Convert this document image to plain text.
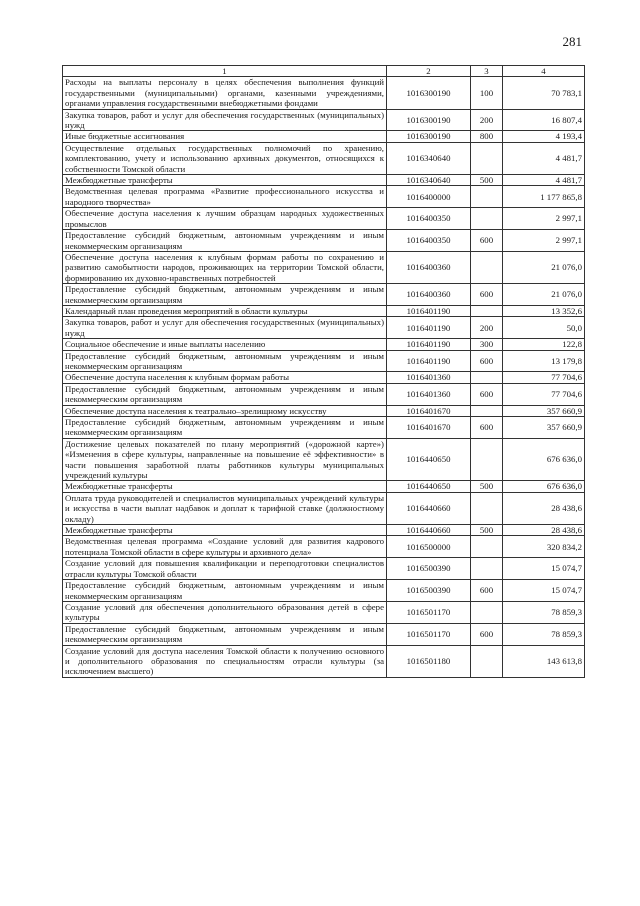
281
1	2	3	4
Расходы на выплаты персоналу в целях обеспечения выполнения функций государственными (муниципальными) органами, казенными учреждениями, органами управления государственными внебюджетными фондами	1016300190	100	70 783,1
Закупка товаров, работ и услуг для обеспечения государственных (муниципальных) нужд	1016300190	200	16 807,4
Иные бюджетные ассигнования	1016300190	800	4 193,4
Осуществление отдельных государственных полномочий по хранению, комплектованию, учету и использованию архивных документов, относящихся к собственности Томской области	1016340640		4 481,7
Межбюджетные трансферты	1016340640	500	4 481,7
Ведомственная целевая программа «Развитие профессионального искусства и народного творчества»	1016400000		1 177 865,8
Обеспечение доступа населения к лучшим образцам народных художественных промыслов	1016400350		2 997,1
Предоставление субсидий бюджетным, автономным учреждениям и иным некоммерческим организациям	1016400350	600	2 997,1
Обеспечение доступа населения к клубным формам работы по сохранению и развитию самобытности народов, проживающих на территории Томской области, формированию их духовно-нравственных потребностей	1016400360		21 076,0
Предоставление субсидий бюджетным, автономным учреждениям и иным некоммерческим организациям	1016400360	600	21 076,0
Календарный план проведения мероприятий в области культуры	1016401190		13 352,6
Закупка товаров, работ и услуг для обеспечения государственных (муниципальных) нужд	1016401190	200	50,0
Социальное обеспечение и иные выплаты населению	1016401190	300	122,8
Предоставление субсидий бюджетным, автономным учреждениям и иным некоммерческим организациям	1016401190	600	13 179,8
Обеспечение доступа населения к клубным формам работы	1016401360		77 704,6
Предоставление субсидий бюджетным, автономным учреждениям и иным некоммерческим организациям	1016401360	600	77 704,6
Обеспечение доступа населения к театрально–зрелищному искусству	1016401670		357 660,9
Предоставление субсидий бюджетным, автономным учреждениям и иным некоммерческим организациям	1016401670	600	357 660,9
Достижение целевых показателей по плану мероприятий («дорожной карте») «Изменения в сфере культуры, направленные на повышение её эффективности» в части повышения заработной платы работников культуры муниципальных учреждений культуры	1016440650		676 636,0
Межбюджетные трансферты	1016440650	500	676 636,0
Оплата труда руководителей и специалистов муниципальных учреждений культуры и искусства в части выплат надбавок и доплат к тарифной ставке (должностному окладу)	1016440660		28 438,6
Межбюджетные трансферты	1016440660	500	28 438,6
Ведомственная целевая программа «Создание условий для развития кадрового потенциала Томской области в сфере культуры и архивного дела»	1016500000		320 834,2
Создание условий для повышения квалификации и переподготовки специалистов отрасли культуры Томской области	1016500390		15 074,7
Предоставление субсидий бюджетным, автономным учреждениям и иным некоммерческим организациям	1016500390	600	15 074,7
Создание условий для обеспечения дополнительного образования детей в сфере культуры	1016501170		78 859,3
Предоставление субсидий бюджетным, автономным учреждениям и иным некоммерческим организациям	1016501170	600	78 859,3
Создание условий для доступа населения Томской области к получению основного и дополнительного образования по специальностям отрасли культуры (за исключением высшего)	1016501180		143 613,8
